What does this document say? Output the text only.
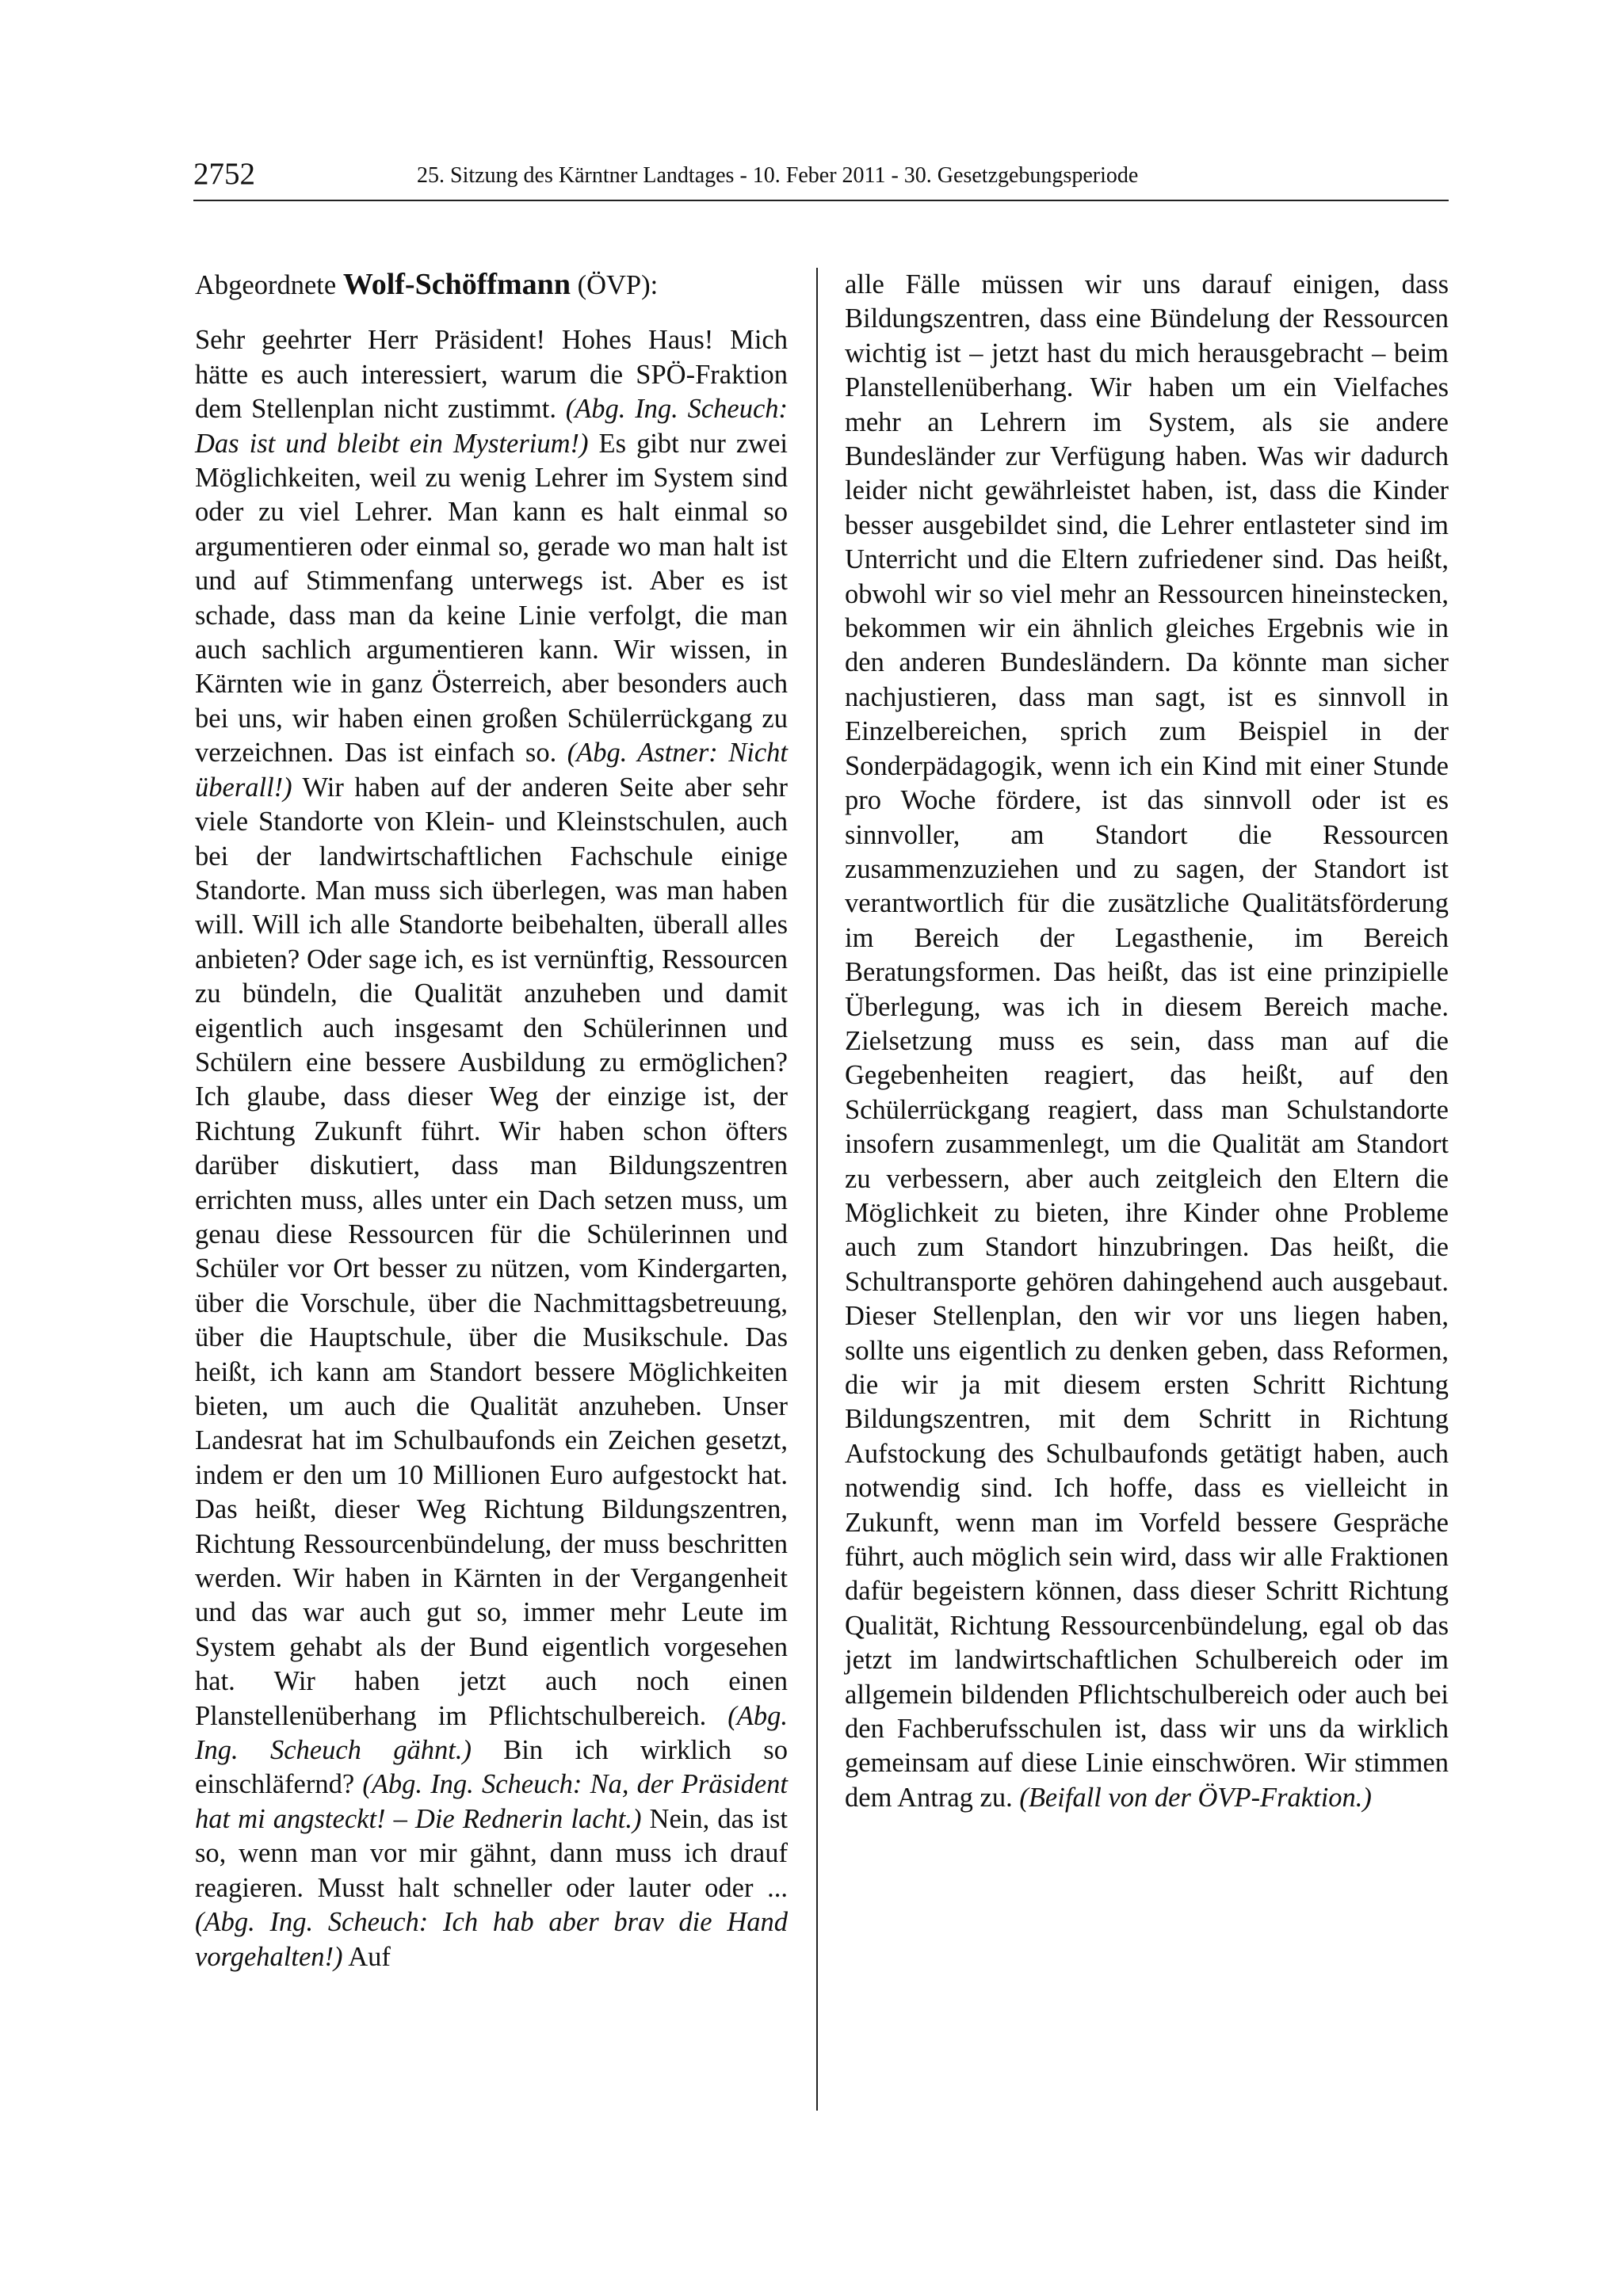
2752	25. Sitzung des Kärntner Landtages - 10. Feber 2011 - 30. Gesetzgebungsperiode

Abgeordnete Wolf-Schöffmann (ÖVP):

Sehr geehrter Herr Präsident! Hohes Haus! Mich hätte es auch interessiert, warum die SPÖ-Fraktion dem Stellenplan nicht zustimmt. (Abg. Ing. Scheuch: Das ist und bleibt ein Mysterium!) Es gibt nur zwei Möglichkeiten, weil zu wenig Lehrer im System sind oder zu viel Lehrer. Man kann es halt einmal so argumentieren oder einmal so, gerade wo man halt ist und auf Stimmenfang unterwegs ist. Aber es ist schade, dass man da keine Linie verfolgt, die man auch sachlich argumentieren kann. Wir wissen, in Kärnten wie in ganz Österreich, aber besonders auch bei uns, wir haben einen großen Schülerrückgang zu verzeichnen. Das ist einfach so. (Abg. Astner: Nicht überall!) Wir haben auf der anderen Seite aber sehr viele Standorte von Klein- und Kleinstschulen, auch bei der landwirtschaftlichen Fachschule einige Standorte. Man muss sich überlegen, was man haben will. Will ich alle Standorte beibehalten, überall alles anbieten? Oder sage ich, es ist vernünftig, Ressourcen zu bündeln, die Qualität anzuheben und damit eigentlich auch insgesamt den Schülerinnen und Schülern eine bessere Ausbildung zu ermöglichen? Ich glaube, dass dieser Weg der einzige ist, der Richtung Zukunft führt. Wir haben schon öfters darüber diskutiert, dass man Bildungszentren errichten muss, alles unter ein Dach setzen muss, um genau diese Ressourcen für die Schülerinnen und Schüler vor Ort besser zu nützen, vom Kindergarten, über die Vorschule, über die Nachmittagsbetreuung, über die Hauptschule, über die Musikschule. Das heißt, ich kann am Standort bessere Möglichkeiten bieten, um auch die Qualität anzuheben. Unser Landesrat hat im Schulbaufonds ein Zeichen gesetzt, indem er den um 10 Millionen Euro aufgestockt hat. Das heißt, dieser Weg Richtung Bildungszentren, Richtung Ressourcenbündelung, der muss beschritten werden. Wir haben in Kärnten in der Vergangenheit und das war auch gut so, immer mehr Leute im System gehabt als der Bund eigentlich vorgesehen hat. Wir haben jetzt auch noch einen Planstellenüberhang im Pflichtschulbereich. (Abg. Ing. Scheuch gähnt.) Bin ich wirklich so einschläfernd? (Abg. Ing. Scheuch: Na, der Präsident hat mi angsteckt! – Die Rednerin lacht.) Nein, das ist so, wenn man vor mir gähnt, dann muss ich drauf reagieren. Musst halt schneller oder lauter oder ... (Abg. Ing. Scheuch: Ich hab aber brav die Hand vorgehalten!) Auf

alle Fälle müssen wir uns darauf einigen, dass Bildungszentren, dass eine Bündelung der Ressourcen wichtig ist – jetzt hast du mich herausgebracht – beim Planstellenüberhang. Wir haben um ein Vielfaches mehr an Lehrern im System, als sie andere Bundesländer zur Verfügung haben. Was wir dadurch leider nicht gewährleistet haben, ist, dass die Kinder besser ausgebildet sind, die Lehrer entlasteter sind im Unterricht und die Eltern zufriedener sind. Das heißt, obwohl wir so viel mehr an Ressourcen hineinstecken, bekommen wir ein ähnlich gleiches Ergebnis wie in den anderen Bundesländern. Da könnte man sicher nachjustieren, dass man sagt, ist es sinnvoll in Einzelbereichen, sprich zum Beispiel in der Sonderpädagogik, wenn ich ein Kind mit einer Stunde pro Woche fördere, ist das sinnvoll oder ist es sinnvoller, am Standort die Ressourcen zusammenzuziehen und zu sagen, der Standort ist verantwortlich für die zusätzliche Qualitätsförderung im Bereich der Legasthenie, im Bereich Beratungsformen. Das heißt, das ist eine prinzipielle Überlegung, was ich in diesem Bereich mache. Zielsetzung muss es sein, dass man auf die Gegebenheiten reagiert, das heißt, auf den Schülerrückgang reagiert, dass man Schulstandorte insofern zusammenlegt, um die Qualität am Standort zu verbessern, aber auch zeitgleich den Eltern die Möglichkeit zu bieten, ihre Kinder ohne Probleme auch zum Standort hinzubringen. Das heißt, die Schultransporte gehören dahingehend auch ausgebaut. Dieser Stellenplan, den wir vor uns liegen haben, sollte uns eigentlich zu denken geben, dass Reformen, die wir ja mit diesem ersten Schritt Richtung Bildungszentren, mit dem Schritt in Richtung Aufstockung des Schulbaufonds getätigt haben, auch notwendig sind. Ich hoffe, dass es vielleicht in Zukunft, wenn man im Vorfeld bessere Gespräche führt, auch möglich sein wird, dass wir alle Fraktionen dafür begeistern können, dass dieser Schritt Richtung Qualität, Richtung Ressourcenbündelung, egal ob das jetzt im landwirtschaftlichen Schulbereich oder im allgemein bildenden Pflichtschulbereich oder auch bei den Fachberufsschulen ist, dass wir uns da wirklich gemeinsam auf diese Linie einschwören. Wir stimmen dem Antrag zu. (Beifall von der ÖVP-Fraktion.)
